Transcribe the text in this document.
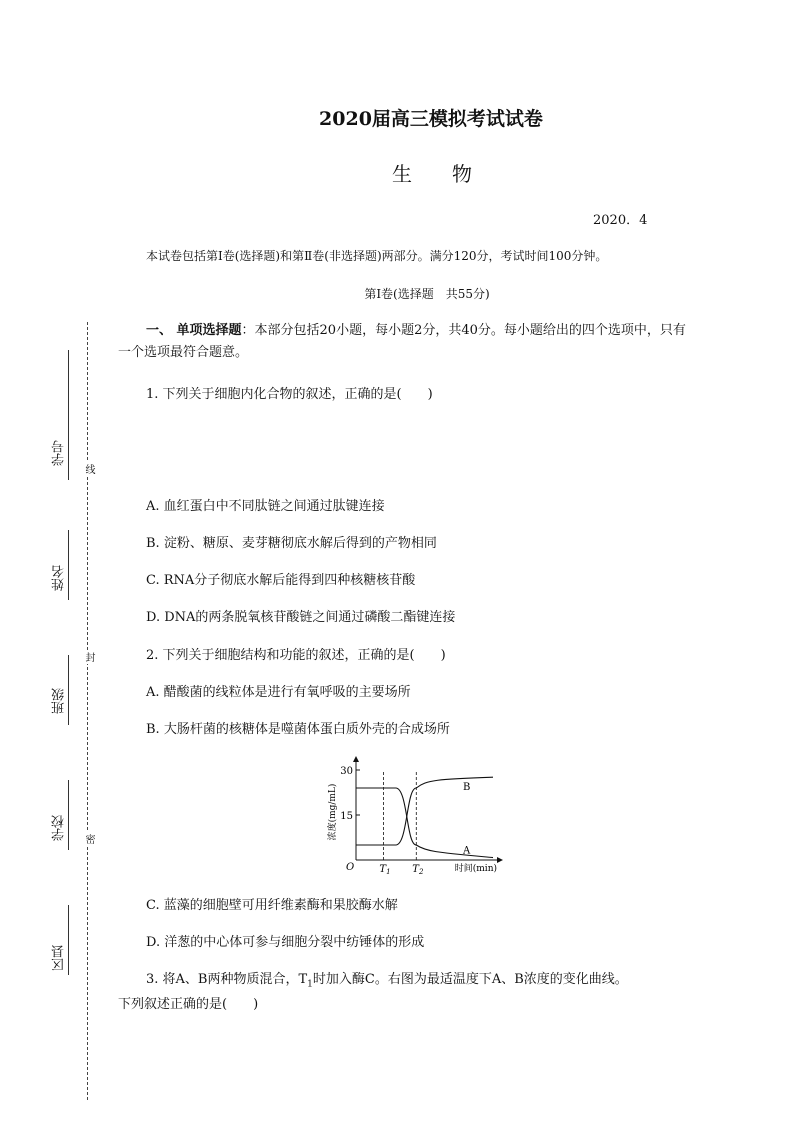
学号
姓名
班级
学校
区县
线
封
密
2020届高三模拟考试试卷
生物
2020．4
本试卷包括第Ⅰ卷(选择题)和第Ⅱ卷(非选择题)两部分。满分120分，考试时间100分钟。
第Ⅰ卷(选择题　共55分)
一、 单项选择题：本部分包括20小题，每小题2分，共40分。每小题给出的四个选项中，只有一个选项最符合题意。
1. 下列关于细胞内化合物的叙述，正确的是(　　)
A. 血红蛋白中不同肽链之间通过肽键连接
B. 淀粉、糖原、麦芽糖彻底水解后得到的产物相同
C. RNA分子彻底水解后能得到四种核糖核苷酸
D. DNA的两条脱氧核苷酸链之间通过磷酸二酯键连接
2. 下列关于细胞结构和功能的叙述，正确的是(　　)
A. 醋酸菌的线粒体是进行有氧呼吸的主要场所
B. 大肠杆菌的核糖体是噬菌体蛋白质外壳的合成场所
30
15
$T_1$ $T_2$
O	时间(min)
浓度(mg/mL)
A
B
C. 蓝藻的细胞壁可用纤维素酶和果胶酶水解
D. 洋葱的中心体可参与细胞分裂中纺锤体的形成
3. 将A、B两种物质混合，$T_1$时加入酶C。右图为最适温度下A、B浓度的变化曲线。
下列叙述正确的是(　　)
